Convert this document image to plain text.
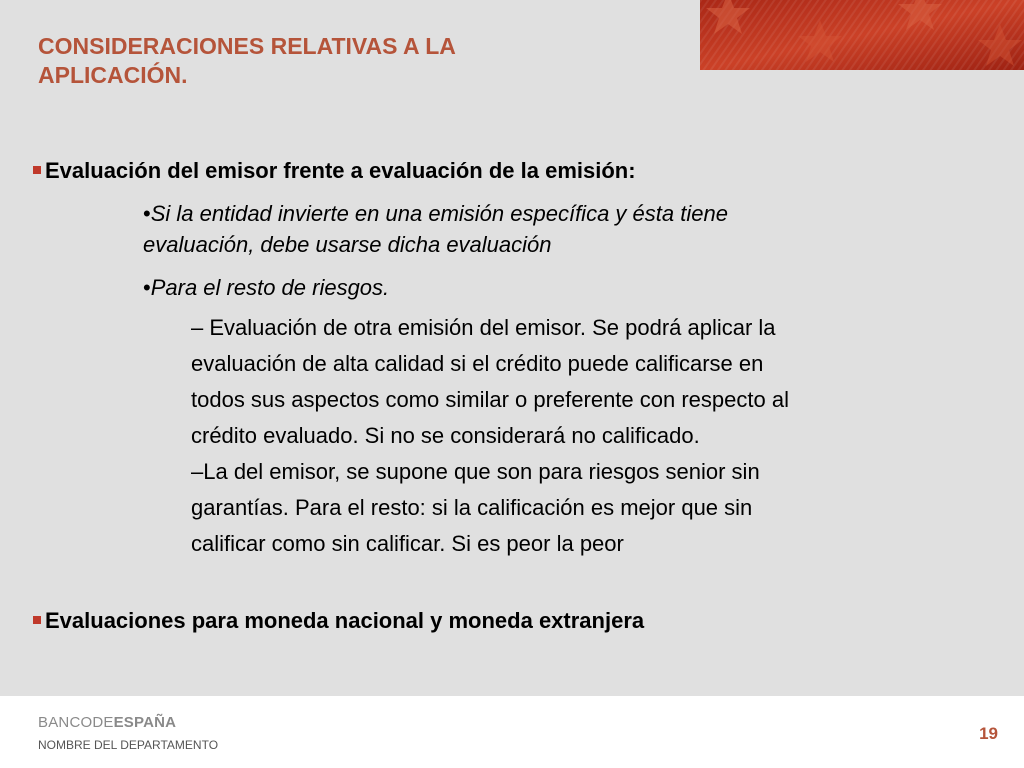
CONSIDERACIONES RELATIVAS A LA
APLICACIÓN.
Evaluación del emisor frente a evaluación de la emisión:
•Si la entidad invierte en una emisión específica y ésta tiene
evaluación, debe usarse dicha evaluación
•Para el resto de riesgos.
– Evaluación de otra emisión del emisor. Se podrá aplicar la
evaluación de alta calidad si el crédito puede calificarse en
todos sus aspectos como similar o preferente con respecto al
crédito evaluado. Si no se considerará no calificado.
–La del emisor, se supone que son para riesgos senior sin
garantías. Para el resto: si la calificación es mejor que sin
calificar como sin calificar. Si es peor la peor
Evaluaciones para moneda nacional y moneda extranjera
BANCODEESPAÑA
NOMBRE DEL DEPARTAMENTO
19
